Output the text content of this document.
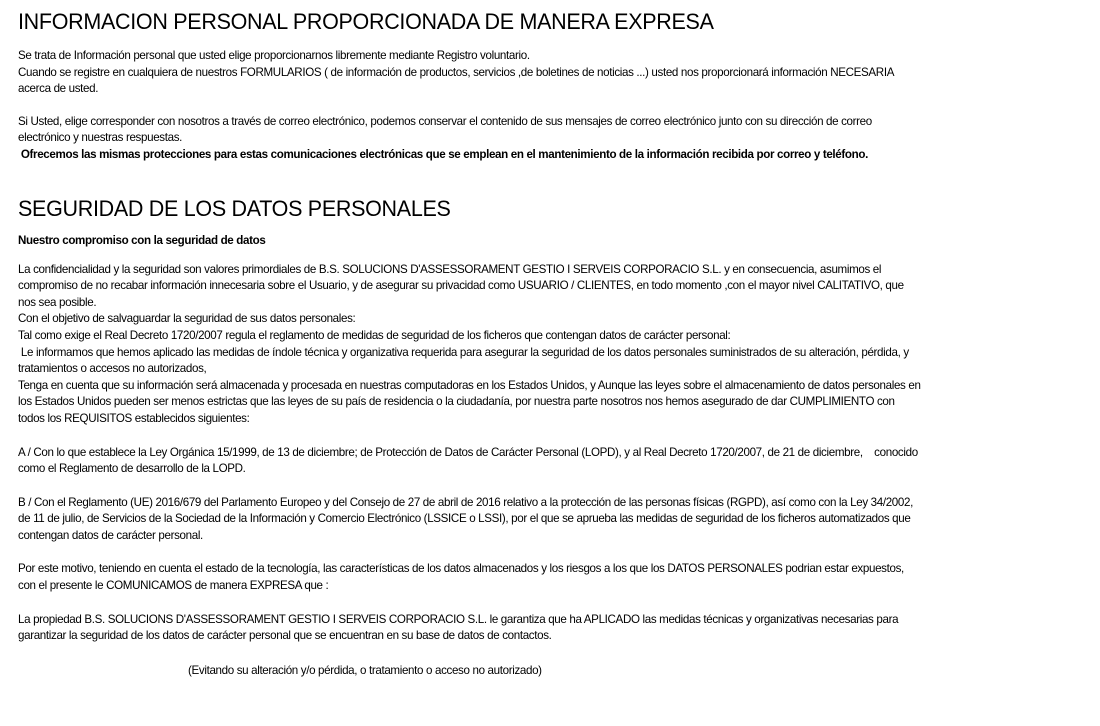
INFORMACION PERSONAL PROPORCIONADA DE MANERA EXPRESA

Se trata de Información personal que usted elige proporcionarnos libremente mediante Registro voluntario.

Cuando se registre en cualquiera de nuestros FORMULARIOS ( de información de productos, servicios ,de boletines de noticias ...) usted nos proporcionará información NECESARIA

acerca de usted.

Si Usted, elige corresponder con nosotros a través de correo electrónico, podemos conservar el contenido de sus mensajes de correo electrónico junto con su dirección de correo

electrónico y nuestras respuestas.

Ofrecemos las mismas protecciones para estas comunicaciones electrónicas que se emplean en el mantenimiento de la información recibida por correo y teléfono.

SEGURIDAD DE LOS DATOS PERSONALES

Nuestro compromiso con la seguridad de datos

La confidencialidad y la seguridad son valores primordiales de B.S. SOLUCIONS D'ASSESSORAMENT GESTIO I SERVEIS CORPORACIO S.L. y en consecuencia, asumimos el

compromiso de no recabar información innecesaria sobre el Usuario, y de asegurar su privacidad como USUARIO / CLIENTES, en todo momento ,con el mayor nivel CALITATIVO, que

nos sea posible.

Con el objetivo de salvaguardar la seguridad de sus datos personales:

Tal como exige el Real Decreto 1720/2007 regula el reglamento de medidas de seguridad de los ficheros que contengan datos de carácter personal:

Le informamos que hemos aplicado las medidas de índole técnica y organizativa requerida para asegurar la seguridad de los datos personales suministrados de su alteración, pérdida, y

tratamientos o accesos no autorizados,

Tenga en cuenta que su información será almacenada y procesada en nuestras computadoras en los Estados Unidos, y Aunque las leyes sobre el almacenamiento de datos personales en

los Estados Unidos pueden ser menos estrictas que las leyes de su país de residencia o la ciudadanía, por nuestra parte nosotros nos hemos asegurado de dar CUMPLIMIENTO con

todos los REQUISITOS establecidos siguientes:

A / Con lo que establece la Ley Orgánica 15/1999, de 13 de diciembre; de Protección de Datos de Carácter Personal (LOPD), y al Real Decreto 1720/2007, de 21 de diciembre,    conocido

como el Reglamento de desarrollo de la LOPD.

B / Con el Reglamento (UE) 2016/679 del Parlamento Europeo y del Consejo de 27 de abril de 2016 relativo a la protección de las personas físicas (RGPD), así como con la Ley 34/2002,

de 11 de julio, de Servicios de la Sociedad de la Información y Comercio Electrónico (LSSICE o LSSI), por el que se aprueba las medidas de seguridad de los ficheros automatizados que

contengan datos de carácter personal.

Por este motivo, teniendo en cuenta el estado de la tecnología, las características de los datos almacenados y los riesgos a los que los DATOS PERSONALES podrian estar expuestos,

con el presente le COMUNICAMOS de manera EXPRESA que :

La propiedad B.S. SOLUCIONS D'ASSESSORAMENT GESTIO I SERVEIS CORPORACIO S.L. le garantiza que ha APLICADO las medidas técnicas y organizativas necesarias para

garantizar la seguridad de los datos de carácter personal que se encuentran en su base de datos de contactos.

(Evitando su alteración y/o pérdida, o tratamiento o acceso no autorizado)
